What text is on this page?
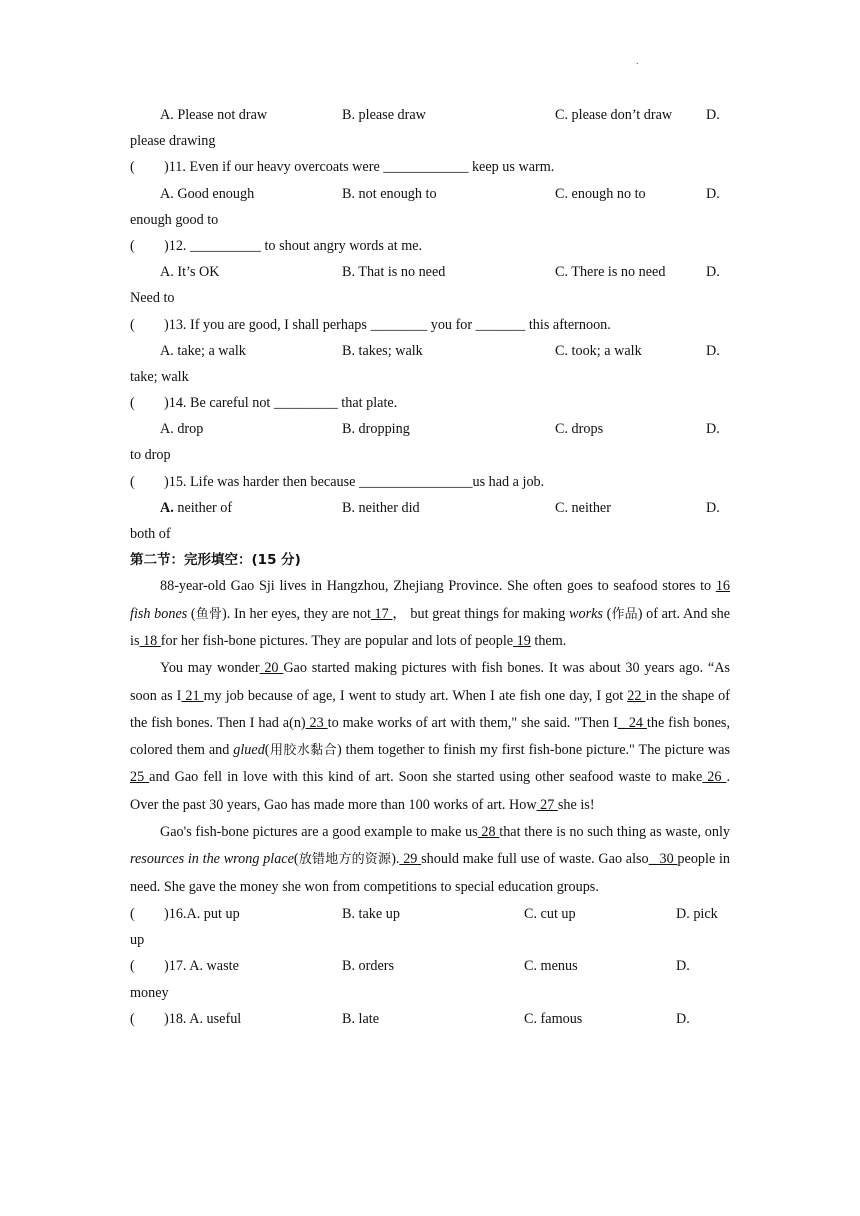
.
A. Please not draw	B. please draw	C. please don’t draw D.
please drawing
(	)11. Even if our heavy overcoats were ____________ keep us warm.
A. Good enough	B. not enough to	C. enough no to	D.
enough good to
(	)12. __________ to shout angry words at me.
A. It’s OK	B. That is no need	C. There is no need	D.
Need to
(	)13. If you are good, I shall perhaps ________ you for _______ this afternoon.
A. take; a walk	B. takes; walk	C. took; a walk	D.
take; walk
(	)14. Be careful not _________ that plate.
A. drop	B. dropping	C. drops	D.
to drop
(	)15. Life was harder then because ________________us had a job.
A. neither of	B. neither did	C. neither	D.
both of
第二节：完形填空：(15 分)

88-year-old Gao Sji lives in Hangzhou, Zhejiang Province. She often goes to seafood stores to 16 fish bones (鱼骨). In her eyes, they are not 17 ， but great things for making works (作品) of art. And she is 18 for her fish-bone pictures. They are popular and lots of people 19 them.

You may wonder 20 Gao started making pictures with fish bones. It was about 30 years ago. “As soon as I 21 my job because of age, I went to study art. When I ate fish one day, I got 22 in the shape of the fish bones. Then I had a(n) 23 to make works of art with them," she said. "Then I_ 24 the fish bones, colored them and glued(用胶水黏合) them together to finish my first fish-bone picture." The picture was 25 and Gao fell in love with this kind of art. Soon she started using other seafood waste to make 26 . Over the past 30 years, Gao has made more than 100 works of art. How 27 she is!

Gao's fish-bone pictures are a good example to make us 28 that there is no such thing as waste, only resources in the wrong place(放错地方的资源). 29 should make full use of waste. Gao also_ 30 people in need. She gave the money she won from competitions to special education groups.

( )16.A. put up	B. take up	C. cut up	D. pick
up
( )17. A. waste	B. orders	C. menus	D.
money
( )18. A. useful	B. late	C. famous	D.
